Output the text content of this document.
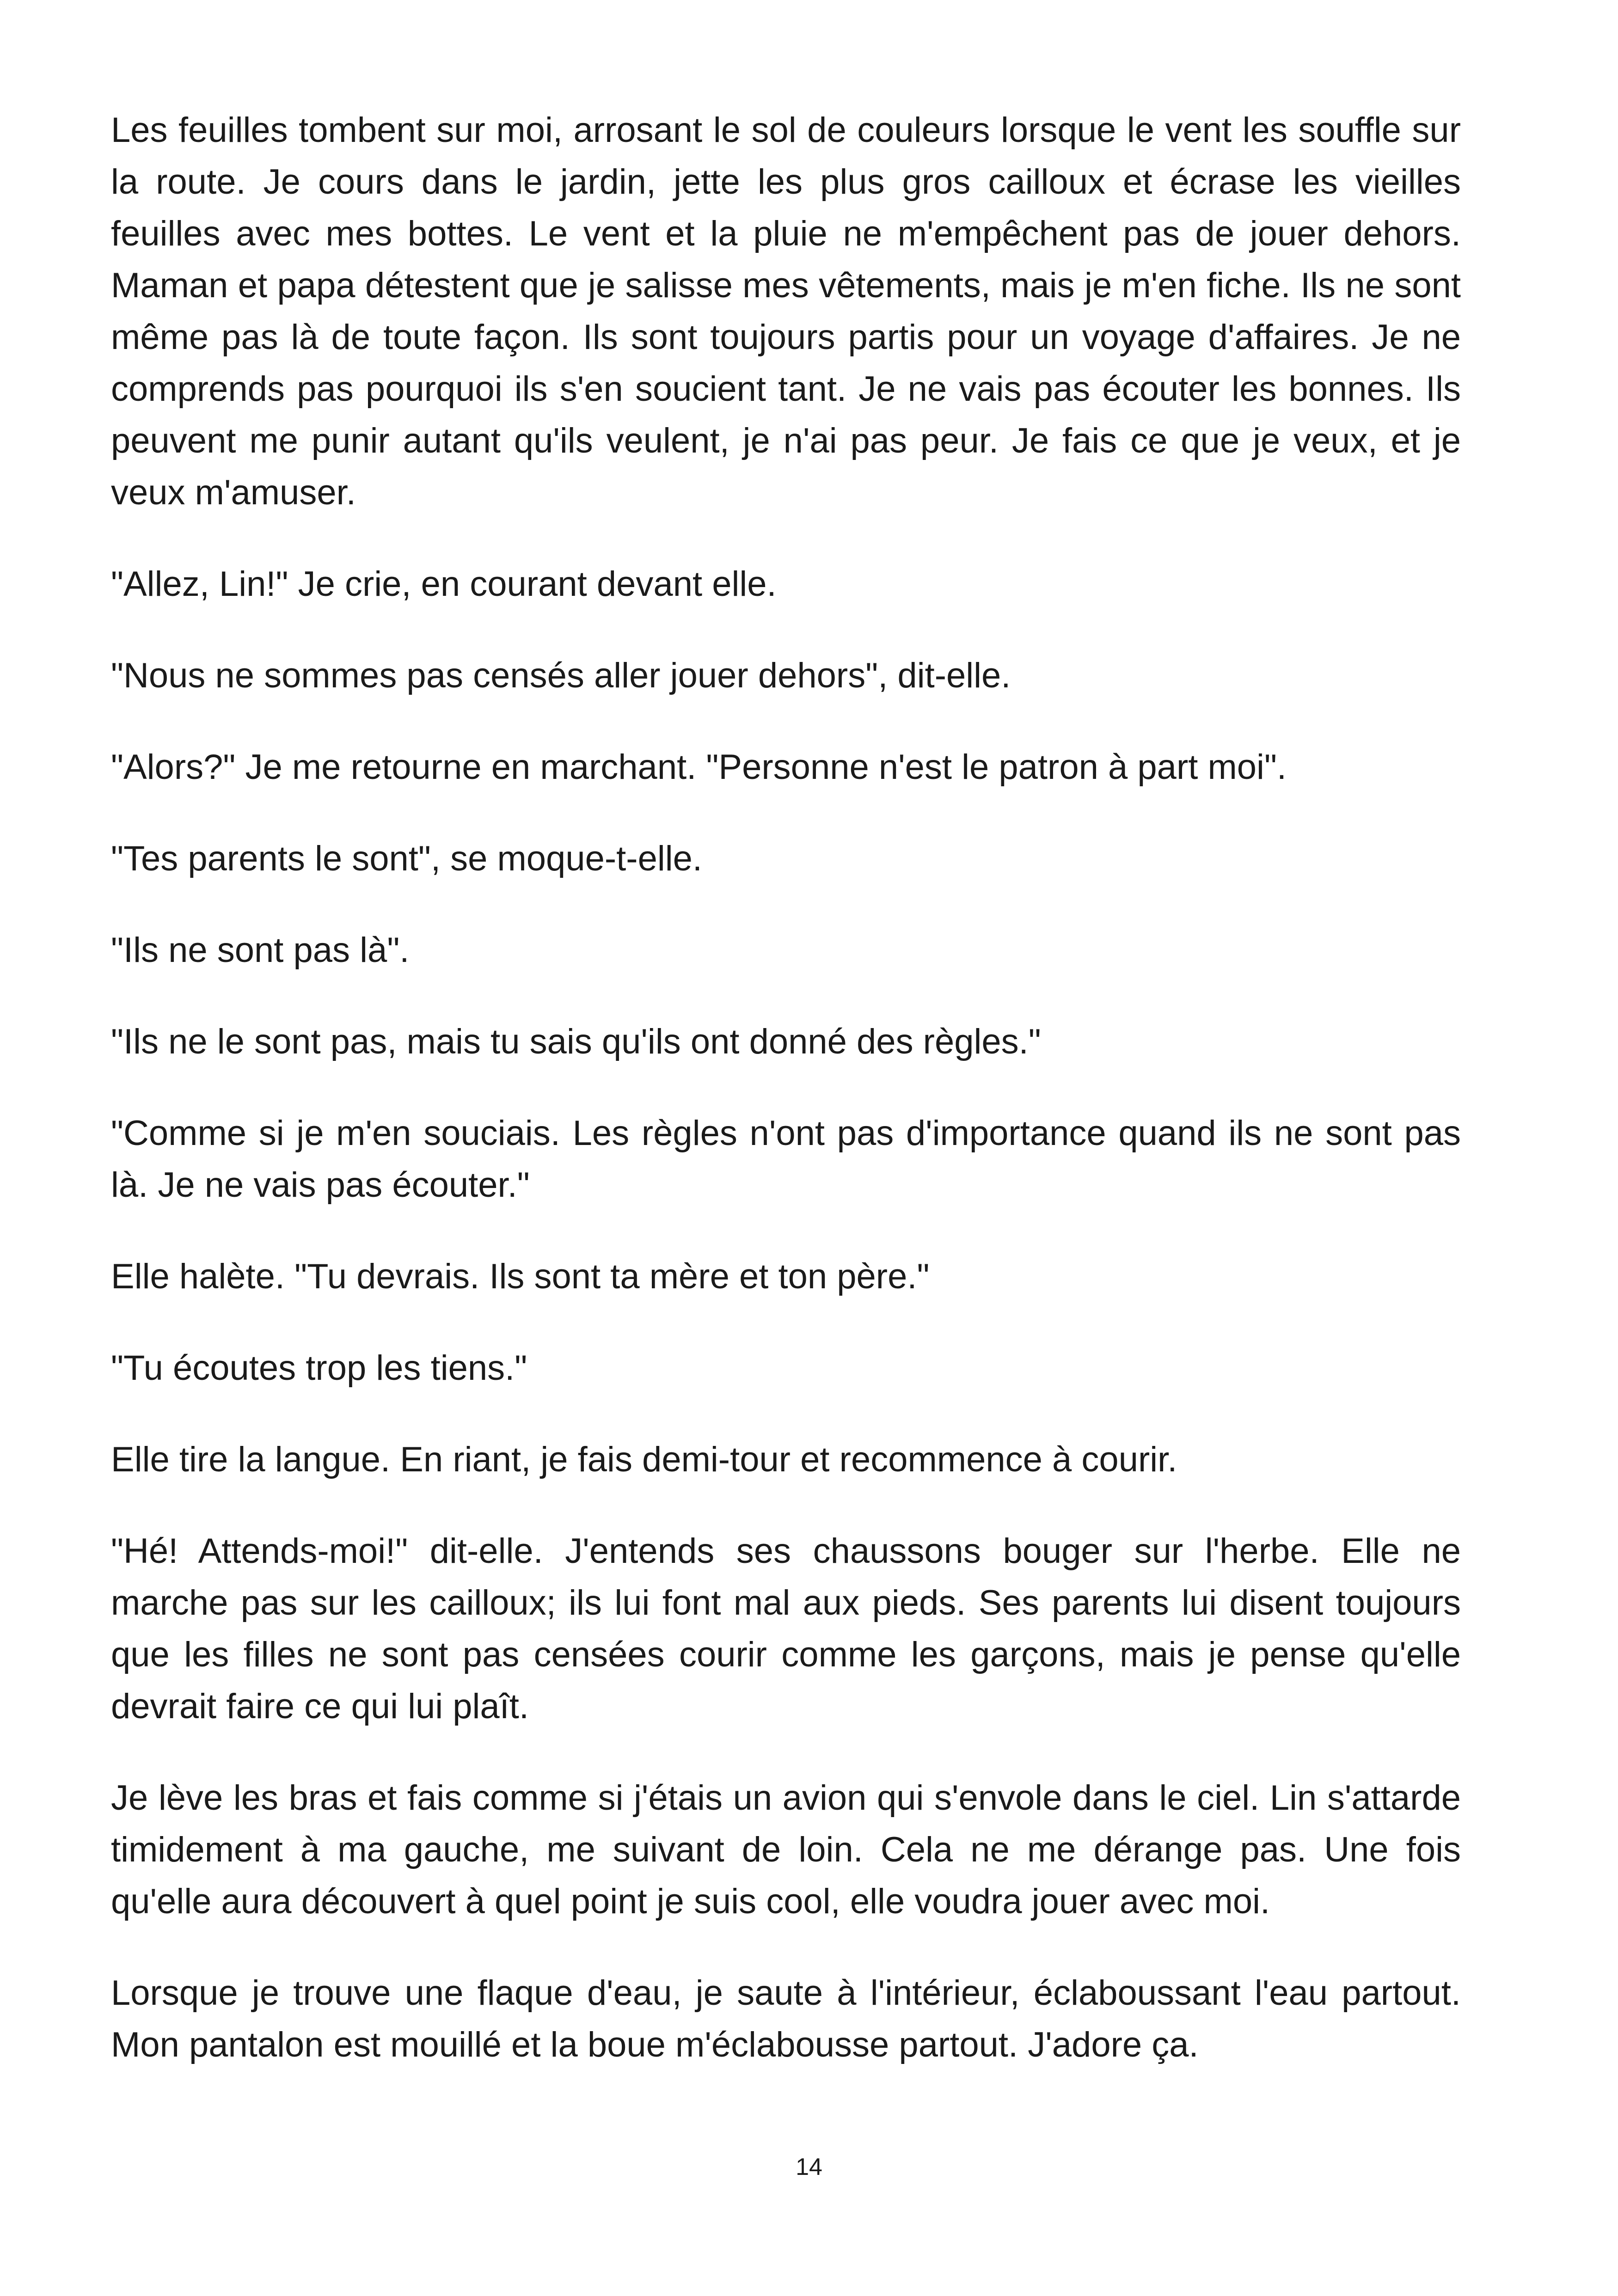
Les feuilles tombent sur moi, arrosant le sol de couleurs lorsque le vent les souffle sur la route. Je cours dans le jardin, jette les plus gros cailloux et écrase les vieilles feuilles avec mes bottes. Le vent et la pluie ne m'empêchent pas de jouer dehors. Maman et papa détestent que je salisse mes vêtements, mais je m'en fiche. Ils ne sont même pas là de toute façon. Ils sont toujours partis pour un voyage d'affaires. Je ne comprends pas pourquoi ils s'en soucient tant. Je ne vais pas écouter les bonnes. Ils peuvent me punir autant qu'ils veulent, je n'ai pas peur. Je fais ce que je veux, et je veux m'amuser.

"Allez, Lin!" Je crie, en courant devant elle.

"Nous ne sommes pas censés aller jouer dehors", dit-elle.

"Alors?" Je me retourne en marchant. "Personne n'est le patron à part moi".

"Tes parents le sont", se moque-t-elle.

"Ils ne sont pas là".

"Ils ne le sont pas, mais tu sais qu'ils ont donné des règles."

"Comme si je m'en souciais. Les règles n'ont pas d'importance quand ils ne sont pas là. Je ne vais pas écouter."

Elle halète. "Tu devrais. Ils sont ta mère et ton père."

"Tu écoutes trop les tiens."

Elle tire la langue. En riant, je fais demi-tour et recommence à courir.

"Hé! Attends-moi!" dit-elle. J'entends ses chaussons bouger sur l'herbe. Elle ne marche pas sur les cailloux; ils lui font mal aux pieds. Ses parents lui disent toujours que les filles ne sont pas censées courir comme les garçons, mais je pense qu'elle devrait faire ce qui lui plaît.

Je lève les bras et fais comme si j'étais un avion qui s'envole dans le ciel. Lin s'attarde timidement à ma gauche, me suivant de loin. Cela ne me dérange pas. Une fois qu'elle aura découvert à quel point je suis cool, elle voudra jouer avec moi.

Lorsque je trouve une flaque d'eau, je saute à l'intérieur, éclaboussant l'eau partout. Mon pantalon est mouillé et la boue m'éclabousse partout. J'adore ça.

14
